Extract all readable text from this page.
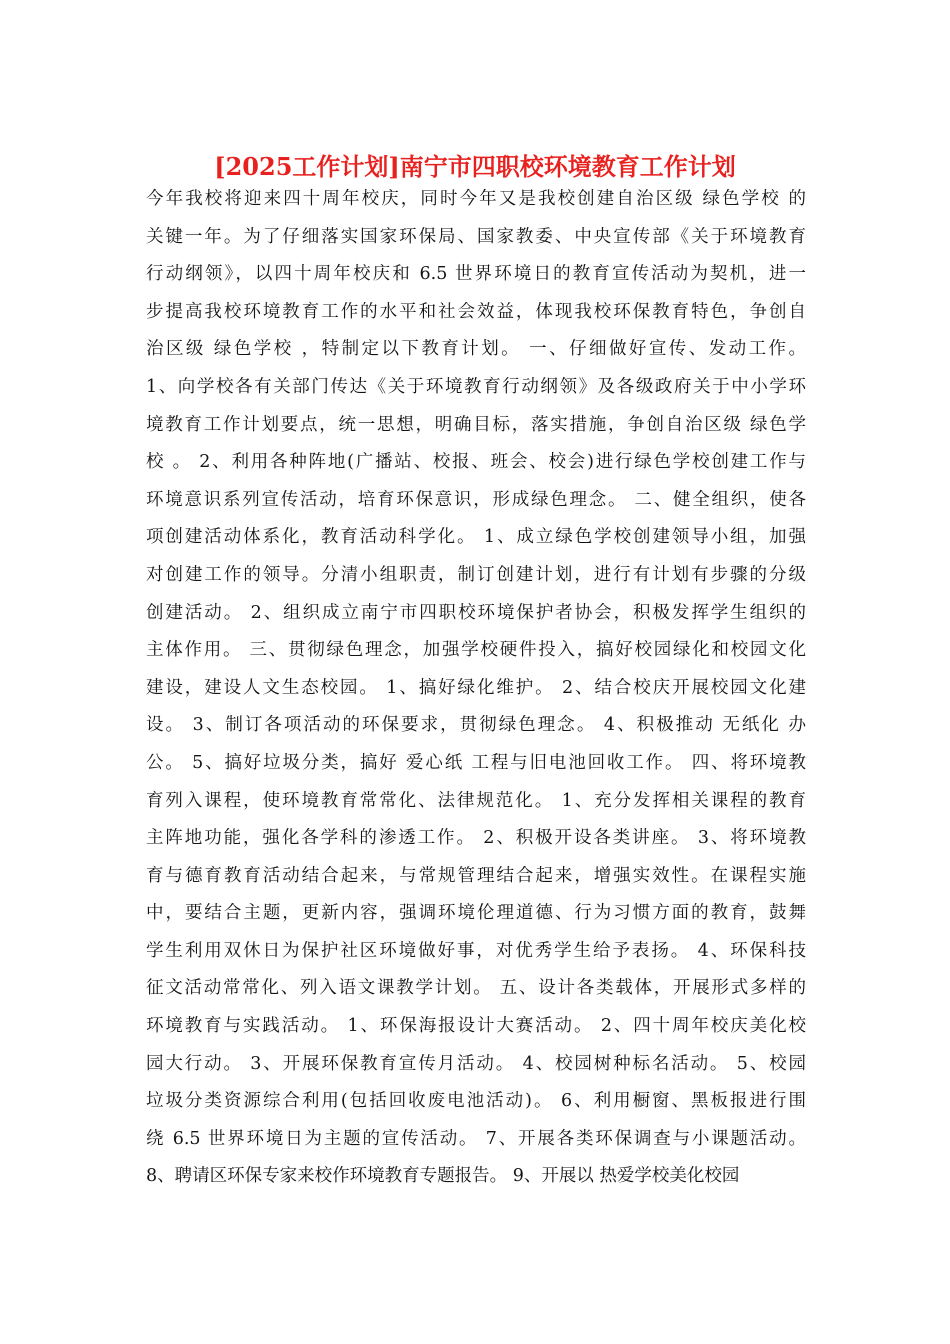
[2025工作计划]南宁市四职校环境教育工作计划
今年我校将迎来四十周年校庆，同时今年又是我校创建自治区级 绿色学校 的
关键一年。为了仔细落实国家环保局、国家教委、中央宣传部《关于环境教育
行动纲领》，以四十周年校庆和 6.5 世界环境日的教育宣传活动为契机，进一
步提高我校环境教育工作的水平和社会效益，体现我校环保教育特色，争创自
治区级 绿色学校 ，特制定以下教育计划。 一、仔细做好宣传、发动工作。
1、向学校各有关部门传达《关于环境教育行动纲领》及各级政府关于中小学环
境教育工作计划要点，统一思想，明确目标，落实措施，争创自治区级 绿色学
校 。 2、利用各种阵地(广播站、校报、班会、校会)进行绿色学校创建工作与
环境意识系列宣传活动，培育环保意识，形成绿色理念。 二、健全组织，使各
项创建活动体系化，教育活动科学化。 1、成立绿色学校创建领导小组，加强
对创建工作的领导。分清小组职责，制订创建计划，进行有计划有步骤的分级
创建活动。 2、组织成立南宁市四职校环境保护者协会，积极发挥学生组织的
主体作用。 三、贯彻绿色理念，加强学校硬件投入，搞好校园绿化和校园文化
建设，建设人文生态校园。 1、搞好绿化维护。 2、结合校庆开展校园文化建
设。 3、制订各项活动的环保要求，贯彻绿色理念。 4、积极推动 无纸化 办
公。 5、搞好垃圾分类，搞好 爱心纸 工程与旧电池回收工作。 四、将环境教
育列入课程，使环境教育常常化、法律规范化。 1、充分发挥相关课程的教育
主阵地功能，强化各学科的渗透工作。 2、积极开设各类讲座。 3、将环境教
育与德育教育活动结合起来，与常规管理结合起来，增强实效性。在课程实施
中，要结合主题，更新内容，强调环境伦理道德、行为习惯方面的教育，鼓舞
学生利用双休日为保护社区环境做好事，对优秀学生给予表扬。 4、环保科技
征文活动常常化、列入语文课教学计划。 五、设计各类载体，开展形式多样的
环境教育与实践活动。 1、环保海报设计大赛活动。 2、四十周年校庆美化校
园大行动。 3、开展环保教育宣传月活动。 4、校园树种标名活动。 5、校园
垃圾分类资源综合利用(包括回收废电池活动)。 6、利用橱窗、黑板报进行围
绕 6.5 世界环境日为主题的宣传活动。 7、开展各类环保调查与小课题活动。
8、聘请区环保专家来校作环境教育专题报告。 9、开展以 热爱学校美化校园
